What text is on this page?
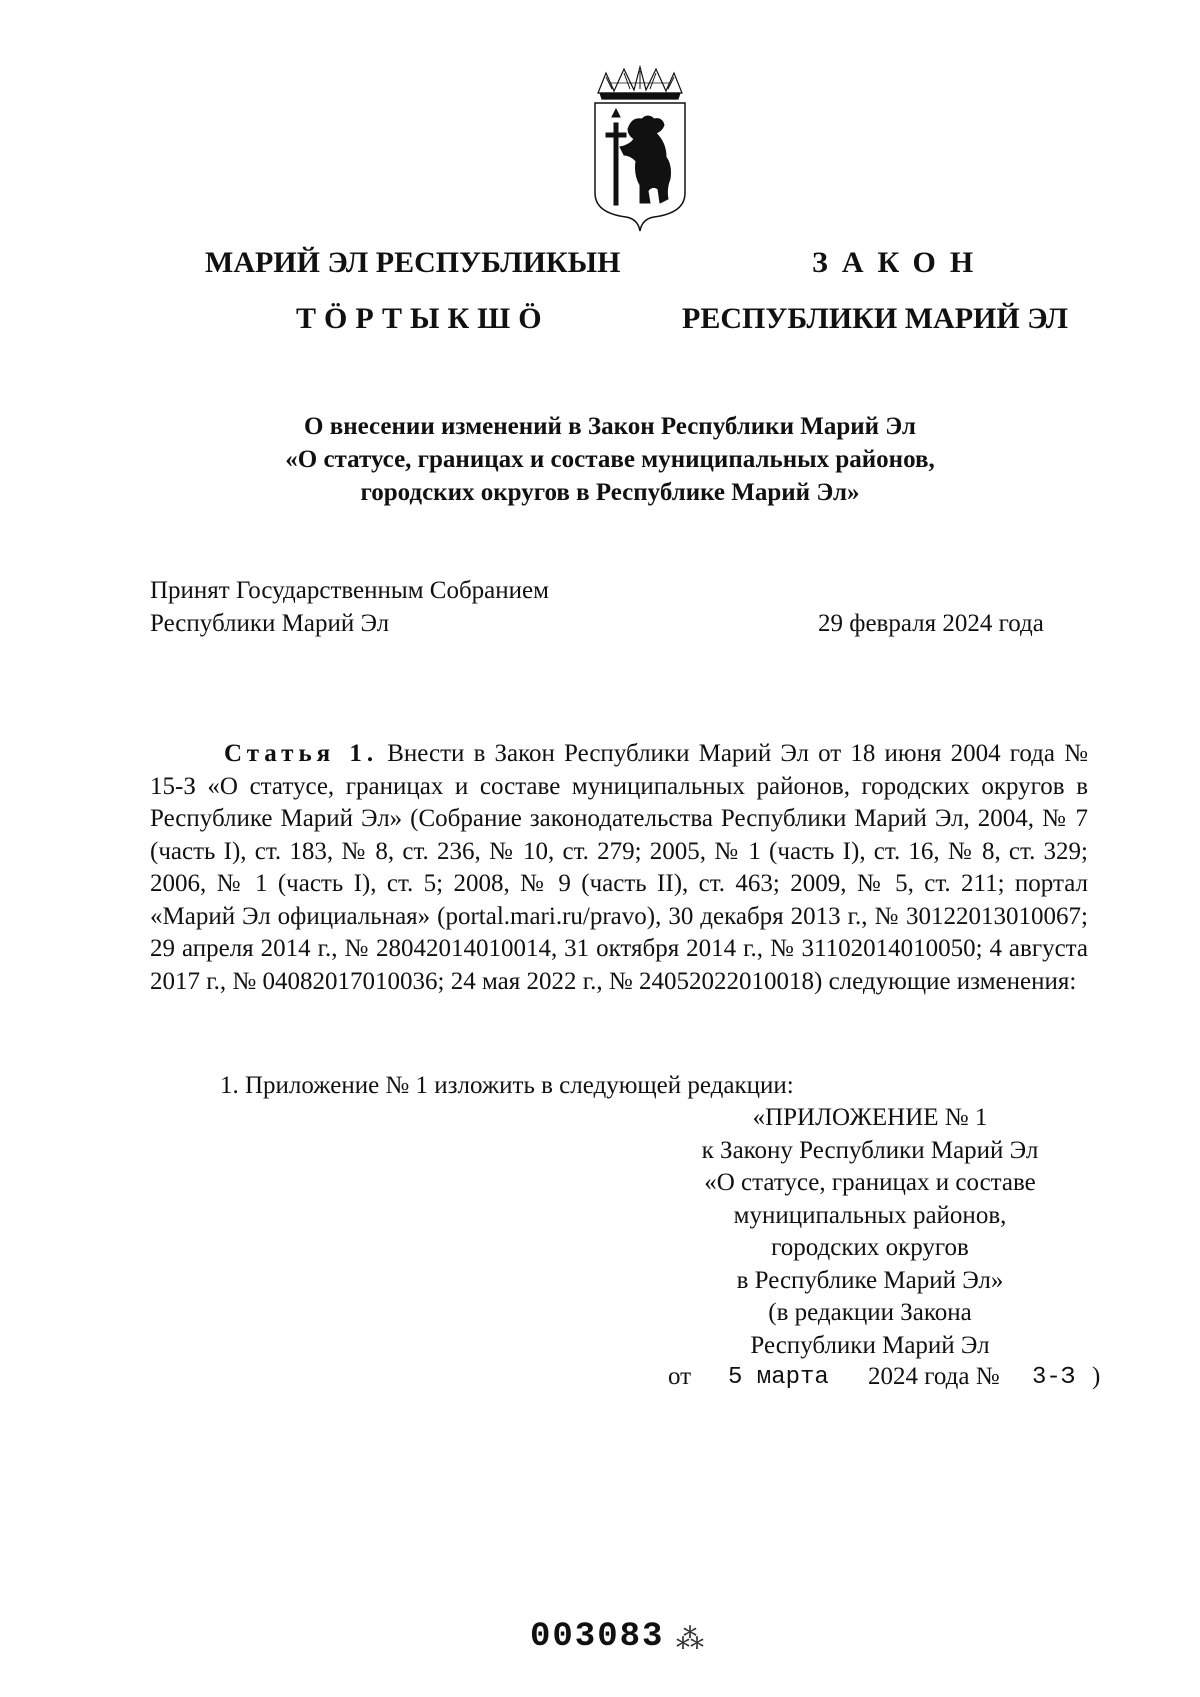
МАРИЙ ЭЛ РЕСПУБЛИКЫН
ТӦРТЫКШӦ
ЗАКОН
РЕСПУБЛИКИ МАРИЙ ЭЛ
О внесении изменений в Закон Республики Марий Эл
«О статусе, границах и составе муниципальных районов,
городских округов в Республике Марий Эл»
Принят Государственным Собранием
Республики Марий Эл	29 февраля 2024 года
Статья 1. Внести в Закон Республики Марий Эл от 18 июня 2004 года № 15-З «О статусе, границах и составе муниципальных районов, городских округов в Республике Марий Эл» (Собрание законодательства Республики Марий Эл, 2004, № 7 (часть I), ст. 183, № 8, ст. 236, № 10, ст. 279; 2005, № 1 (часть I), ст. 16, № 8, ст. 329; 2006, № 1 (часть I), ст. 5; 2008, № 9 (часть II), ст. 463; 2009, № 5, ст. 211; портал «Марий Эл официальная» (portal.mari.ru/pravo), 30 декабря 2013 г., № 30122013010067; 29 апреля 2014 г., № 28042014010014, 31 октября 2014 г., № 31102014010050; 4 августа 2017 г., № 04082017010036; 24 мая 2022 г., № 24052022010018) следующие изменения:
1. Приложение № 1 изложить в следующей редакции:
«ПРИЛОЖЕНИЕ № 1
к Закону Республики Марий Эл
«О статусе, границах и составе
муниципальных районов,
городских округов
в Республике Марий Эл»
(в редакции Закона
Республики Марий Эл
от 5 марта 2024 года № 3-З )
003083 ⁂
